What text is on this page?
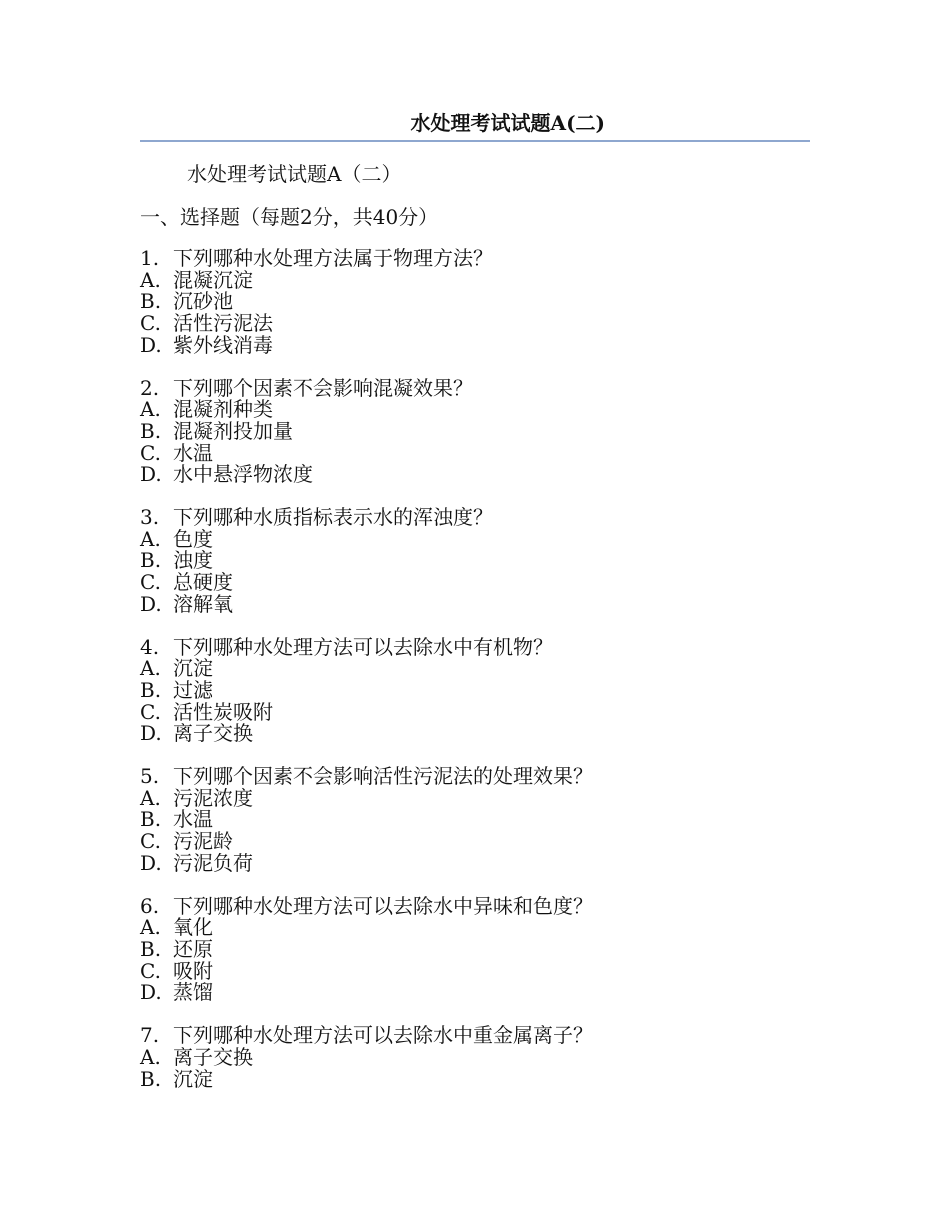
水处理考试试题A(二)
水处理考试试题A（二）
一、选择题（每题2分，共40分）
1. 下列哪种水处理方法属于物理方法？
A. 混凝沉淀
B. 沉砂池
C. 活性污泥法
D. 紫外线消毒
2. 下列哪个因素不会影响混凝效果？
A. 混凝剂种类
B. 混凝剂投加量
C. 水温
D. 水中悬浮物浓度
3. 下列哪种水质指标表示水的浑浊度？
A. 色度
B. 浊度
C. 总硬度
D. 溶解氧
4. 下列哪种水处理方法可以去除水中有机物？
A. 沉淀
B. 过滤
C. 活性炭吸附
D. 离子交换
5. 下列哪个因素不会影响活性污泥法的处理效果？
A. 污泥浓度
B. 水温
C. 污泥龄
D. 污泥负荷
6. 下列哪种水处理方法可以去除水中异味和色度？
A. 氧化
B. 还原
C. 吸附
D. 蒸馏
7. 下列哪种水处理方法可以去除水中重金属离子？
A. 离子交换
B. 沉淀
